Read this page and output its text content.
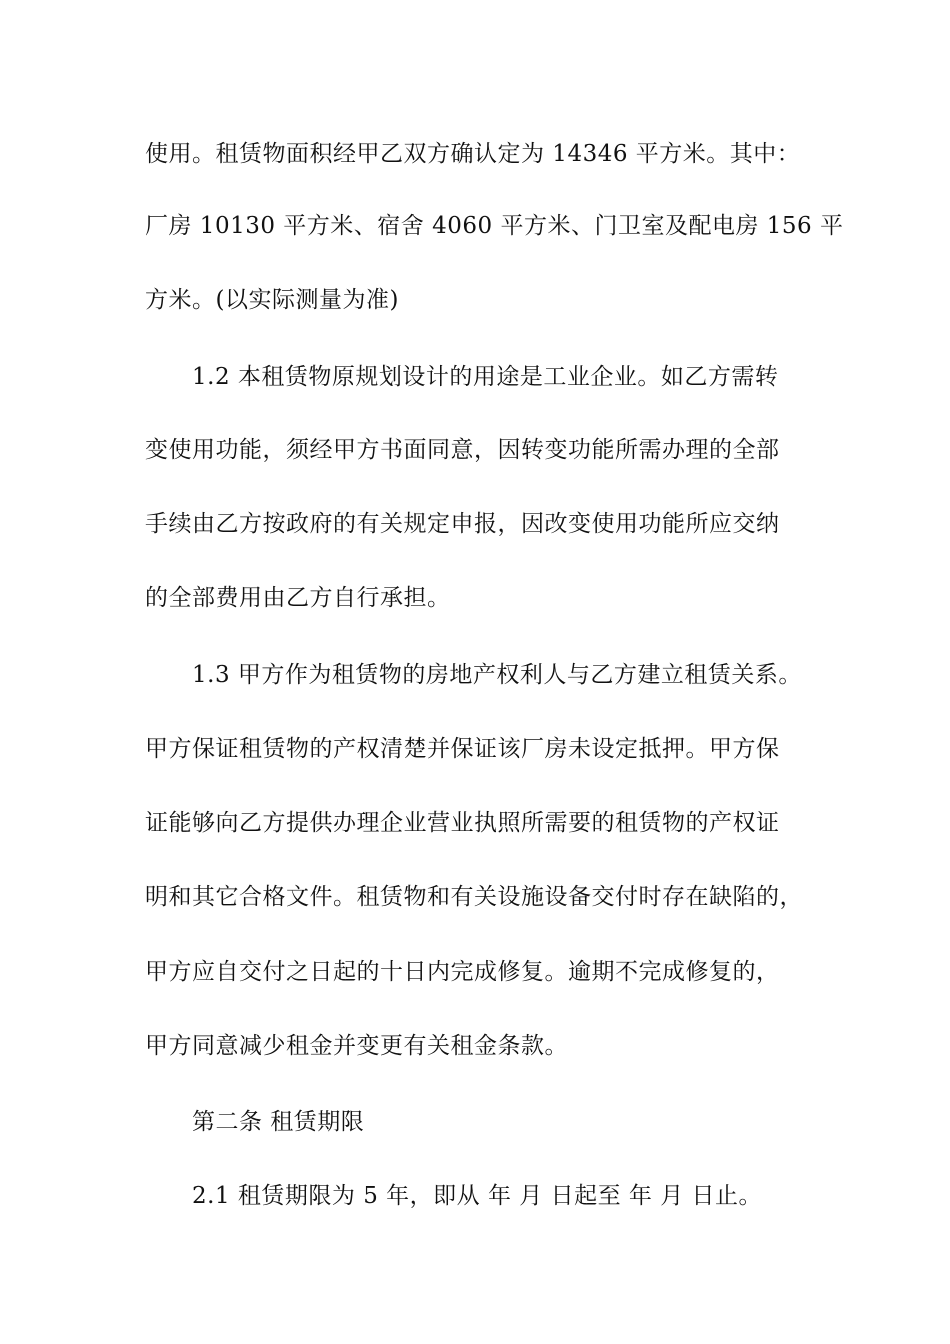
使用。租赁物面积经甲乙双方确认定为 14346 平方米。其中：
厂房 10130 平方米、宿舍 4060 平方米、门卫室及配电房 156 平
方米。(以实际测量为准)
1.2 本租赁物原规划设计的用途是工业企业。如乙方需转
变使用功能，须经甲方书面同意，因转变功能所需办理的全部
手续由乙方按政府的有关规定申报，因改变使用功能所应交纳
的全部费用由乙方自行承担。
1.3 甲方作为租赁物的房地产权利人与乙方建立租赁关系。
甲方保证租赁物的产权清楚并保证该厂房未设定抵押。甲方保
证能够向乙方提供办理企业营业执照所需要的租赁物的产权证
明和其它合格文件。租赁物和有关设施设备交付时存在缺陷的，
甲方应自交付之日起的十日内完成修复。逾期不完成修复的，
甲方同意减少租金并变更有关租金条款。
第二条 租赁期限
2.1 租赁期限为 5 年，即从 年 月 日起至 年 月 日止。
